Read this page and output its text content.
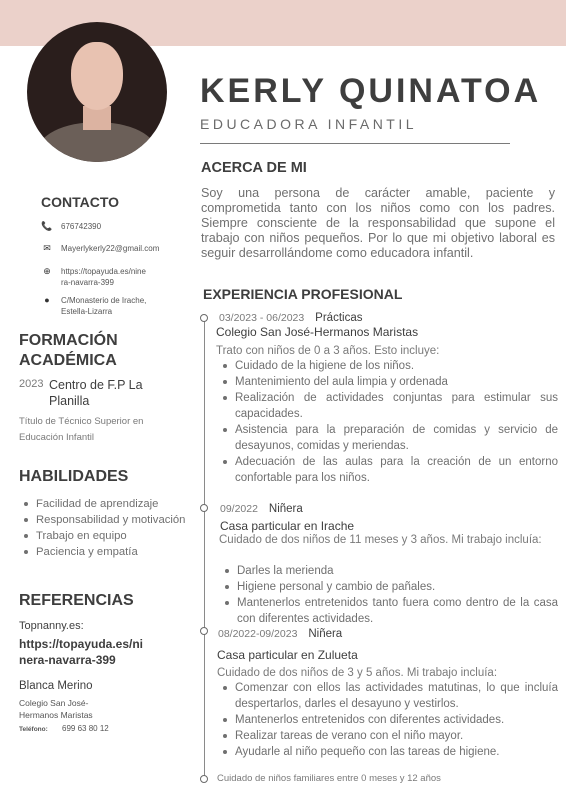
KERLY QUINATOA
EDUCADORA INFANTIL
CONTACTO
📞 676742390
✉ Mayerlykerly22@gmail.com
⊕ https://topayuda.es/nine
ra-navarra-399
●	C/Monasterio de Irache,
Estella-Lizarra
FORMACIÓN
ACADÉMICA
2023 Centro de F.P La
Planilla
Título de Técnico Superior en
Educación Infantil
HABILIDADES
Facilidad de aprendizaje
Responsabilidad y motivación
Trabajo en equipo
Paciencia y empatía
REFERENCIAS
Topnanny.es:
https://topayuda.es/ni
nera-navarra-399
Blanca Merino
Colegio San José-
Hermanos Maristas
Teléfono: 699 63 80 12
ACERCA DE MI
Soy una persona de carácter amable, paciente y comprometida tanto con los niños como con los padres. Siempre consciente de la responsabilidad que supone el trabajo con niños pequeños. Por lo que mi objetivo laboral es seguir desarrollándome como educadora infantil.
EXPERIENCIA PROFESIONAL
03/2023 - 06/2023 Prácticas
Colegio San José-Hermanos Maristas
Trato con niños de 0 a 3 años. Esto incluye:
Cuidado de la higiene de los niños.
Mantenimiento del aula limpia y ordenada
Realización de actividades conjuntas para estimular sus capacidades.
Asistencia para la preparación de comidas y servicio de desayunos, comidas y meriendas.
Adecuación de las aulas para la creación de un entorno confortable para los niños.
09/2022 Niñera
Casa particular en Irache
Cuidado de dos niños de 11 meses y 3 años. Mi trabajo incluía:
Darles la merienda
Higiene personal y cambio de pañales.
Mantenerlos entretenidos tanto fuera como dentro de la casa con diferentes actividades.
08/2022-09/2023 Niñera
Casa particular en Zulueta
Cuidado de dos niños de 3 y 5 años. Mi trabajo incluía:
Comenzar con ellos las actividades matutinas, lo que incluía despertarlos, darles el desayuno y vestirlos.
Mantenerlos entretenidos con diferentes actividades.
Realizar tareas de verano con el niño mayor.
Ayudarle al niño pequeño con las tareas de higiene.
Cuidado de niños familiares entre 0 meses y 12 años
